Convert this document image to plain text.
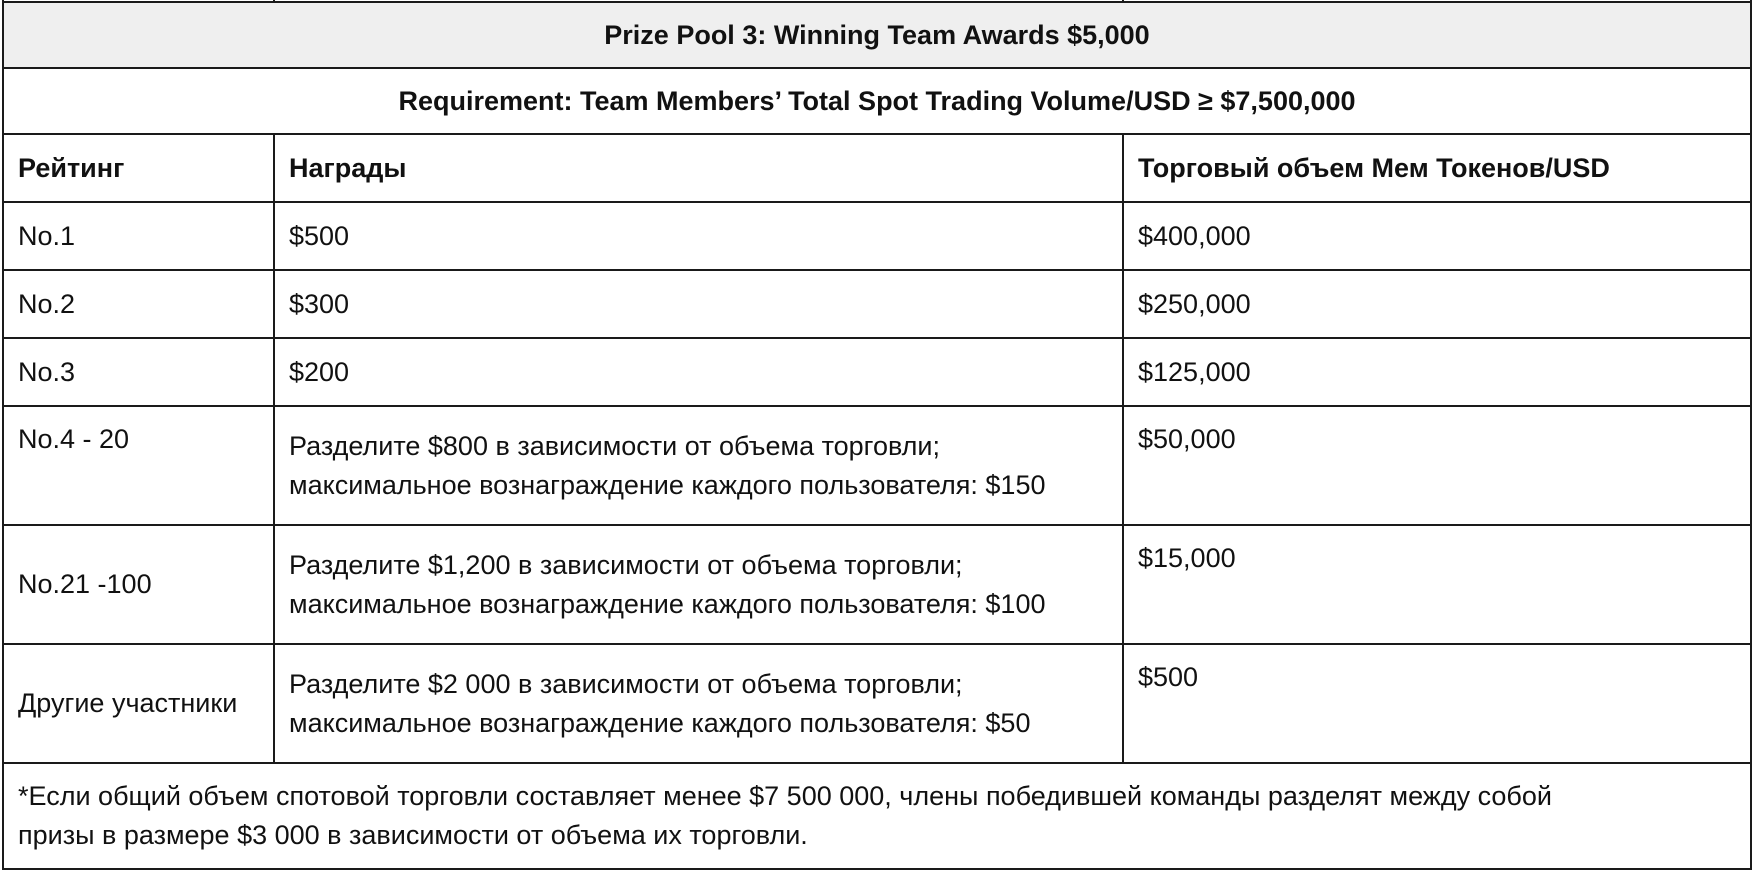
Prize Pool 3: Winning Team Awards $5,000		
Requirement: Team Members’ Total Spot Trading Volume/USD ≥ $7,500,000		
Рейтинг	Награды	Торговый объем Мем Токенов/USD
No.1	$500	$400,000
No.2	$300	$250,000
No.3	$200	$125,000
No.4 - 20	Разделите $800 в зависимости от объема торговли;
максимальное вознаграждение каждого пользователя: $150	$50,000
No.21 -100	Разделите $1,200 в зависимости от объема торговли;
максимальное вознаграждение каждого пользователя: $100	$15,000
Другие участники	Разделите $2 000 в зависимости от объема торговли;
максимальное вознаграждение каждого пользователя: $50	$500

*Если общий объем спотовой торговли составляет менее $7 500 000, члены победившей команды разделят между собой
призы в размере $3 000 в зависимости от объема их торговли.		
